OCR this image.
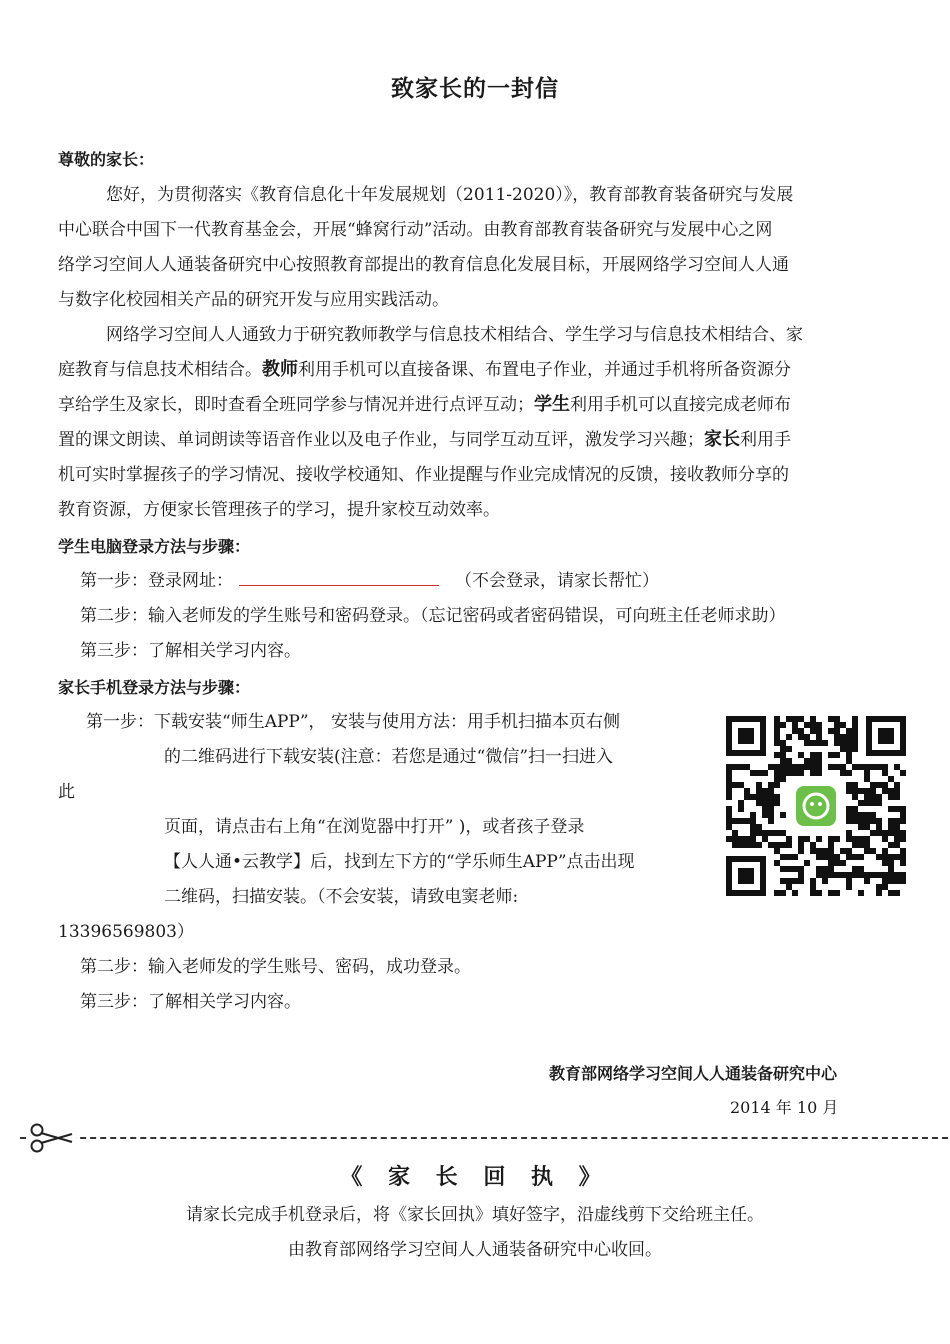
致家长的一封信
尊敬的家长：
您好，为贯彻落实《教育信息化十年发展规划（2011-2020）》，教育部教育装备研究与发展
中心联合中国下一代教育基金会，开展“蜂窝行动”活动。由教育部教育装备研究与发展中心之网
络学习空间人人通装备研究中心按照教育部提出的教育信息化发展目标，开展网络学习空间人人通
与数字化校园相关产品的研究开发与应用实践活动。
网络学习空间人人通致力于研究教师教学与信息技术相结合、学生学习与信息技术相结合、家
庭教育与信息技术相结合。教师利用手机可以直接备课、布置电子作业，并通过手机将所备资源分
享给学生及家长，即时查看全班同学参与情况并进行点评互动；学生利用手机可以直接完成老师布
置的课文朗读、单词朗读等语音作业以及电子作业，与同学互动互评，激发学习兴趣；家长利用手
机可实时掌握孩子的学习情况、接收学校通知、作业提醒与作业完成情况的反馈，接收教师分享的
教育资源，方便家长管理孩子的学习，提升家校互动效率。
学生电脑登录方法与步骤：
第一步：登录网址：	（不会登录，请家长帮忙）
第二步：输入老师发的学生账号和密码登录。（忘记密码或者密码错误，可向班主任老师求助）
第三步：了解相关学习内容。
家长手机登录方法与步骤：
第一步：下载安装“师生APP”， 安装与使用方法：用手机扫描本页右侧
的二维码进行下载安装(注意：若您是通过“微信”扫一扫进入
此
页面，请点击右上角“在浏览器中打开” )，或者孩子登录
【人人通•云教学】后，找到左下方的“学乐师生APP”点击出现
二维码，扫描安装。（不会安装，请致电窦老师:
13396569803）
第二步：输入老师发的学生账号、密码，成功登录。
第三步：了解相关学习内容。
教育部网络学习空间人人通装备研究中心
2014 年 10 月
《 家 长 回 执 》
请家长完成手机登录后，将《家长回执》填好签字，沿虚线剪下交给班主任。
由教育部网络学习空间人人通装备研究中心收回。
